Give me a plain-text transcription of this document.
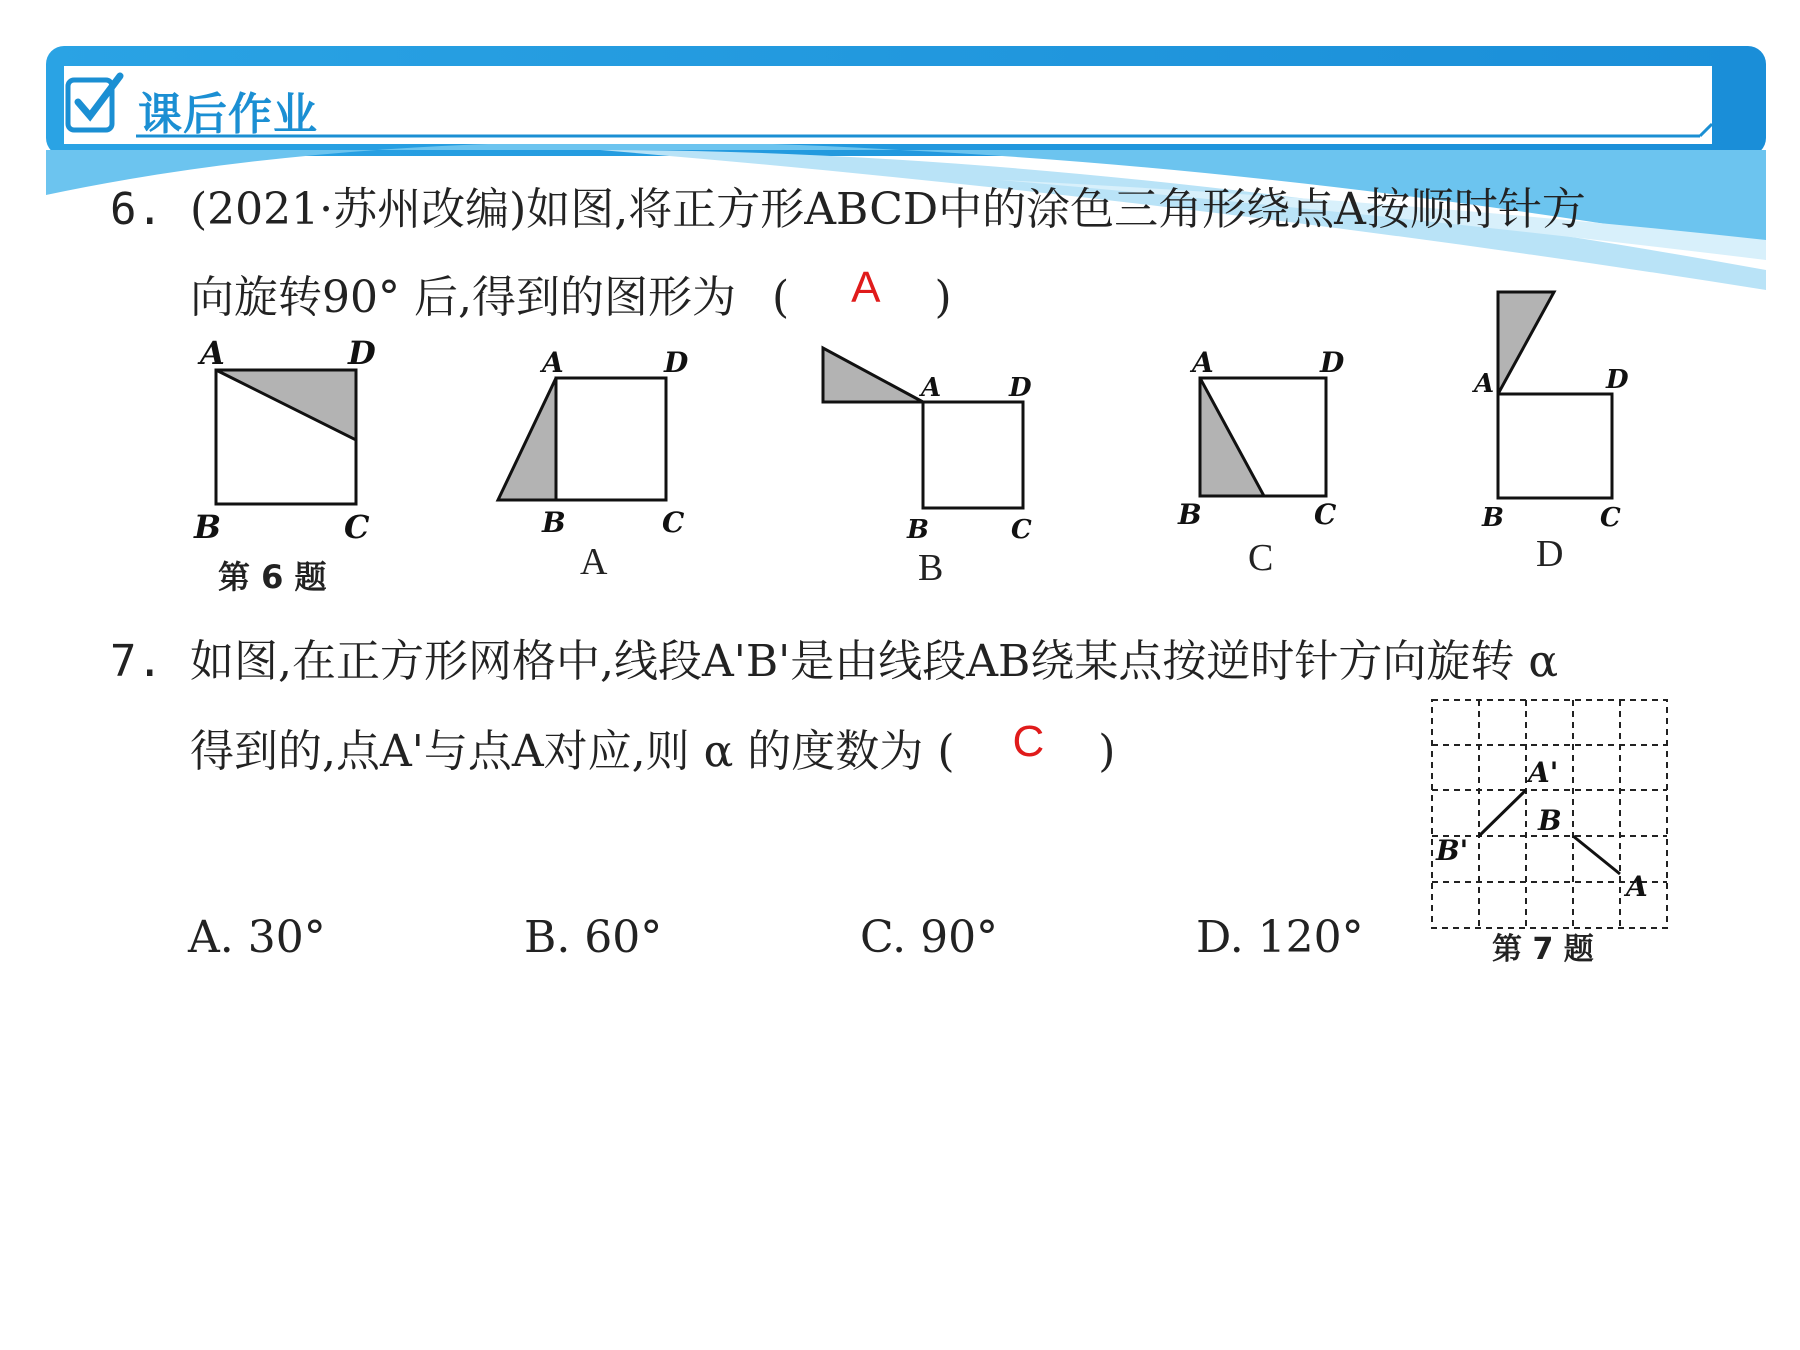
课后作业
6. (2021·苏州改编)如图,将正方形ABCD中的涂色三角形绕点A按顺时针方
向旋转90° 后,得到的图形为 ( A )
A	D
B	C
第 6 题
A	D
B	C
A
A	D
B	C
B
A	D
B	C
C
A	D
B	C
D
7. 如图,在正方形网格中,线段A'B'是由线段AB绕某点按逆时针方向旋转 α
得到的,点A'与点A对应,则 α 的度数为 ( C )	A'
B
B'
A
第 7 题
A. 30°	B. 60°	C. 90°	D. 120°
